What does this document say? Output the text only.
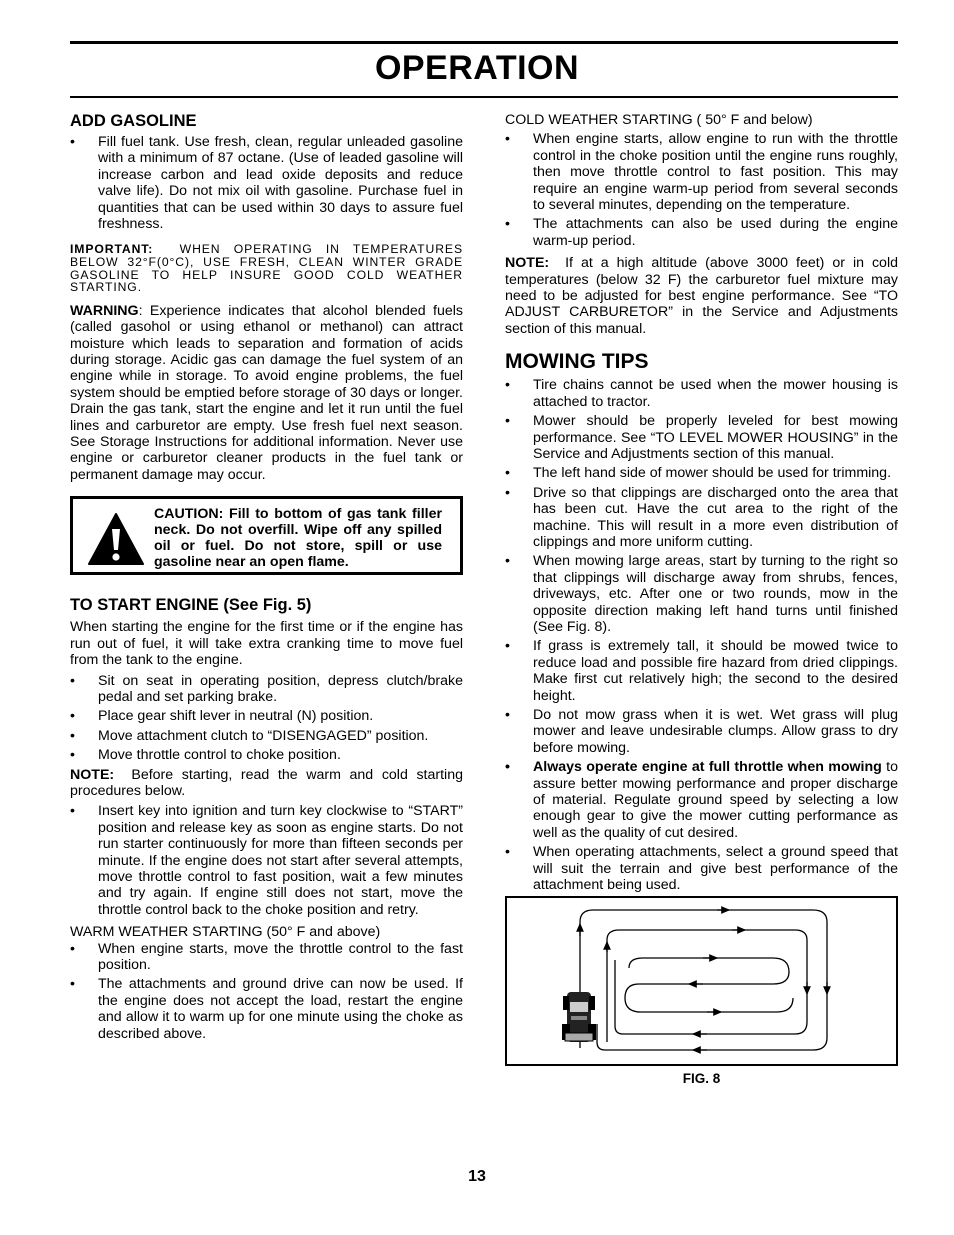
OPERATION
ADD GASOLINE
• Fill fuel tank. Use fresh, clean, regular unleaded gasoline with a minimum of 87 octane. (Use of leaded gasoline will increase carbon and lead oxide deposits and reduce valve life). Do not mix oil with gasoline. Purchase fuel in quantities that can be used within 30 days to assure fuel freshness.

IMPORTANT: WHEN OPERATING IN TEMPERATURES BELOW 32°F(0°C), USE FRESH, CLEAN WINTER GRADE GASOLINE TO HELP INSURE GOOD COLD WEATHER STARTING.

WARNING: Experience indicates that alcohol blended fuels (called gasohol or using ethanol or methanol) can attract moisture which leads to separation and formation of acids during storage. Acidic gas can damage the fuel system of an engine while in storage. To avoid engine problems, the fuel system should be emptied before storage of 30 days or longer. Drain the gas tank, start the engine and let it run until the fuel lines and carburetor are empty. Use fresh fuel next season. See Storage Instructions for additional information. Never use engine or carburetor cleaner products in the fuel tank or permanent damage may occur.

CAUTION: Fill to bottom of gas tank filler neck. Do not overfill. Wipe off any spilled oil or fuel. Do not store, spill or use gasoline near an open flame.
TO START ENGINE (See Fig. 5)

When starting the engine for the first time or if the engine has run out of fuel, it will take extra cranking time to move fuel from the tank to the engine.

• Sit on seat in operating position, depress clutch/brake pedal and set parking brake.
• Place gear shift lever in neutral (N) position.
• Move attachment clutch to “DISENGAGED” position.
• Move throttle control to choke position.

NOTE: Before starting, read the warm and cold starting procedures below.

• Insert key into ignition and turn key clockwise to “START” position and release key as soon as engine starts. Do not run starter continuously for more than fifteen seconds per minute. If the engine does not start after several attempts, move throttle control to fast position, wait a few minutes and try again. If engine still does not start, move the throttle control back to the choke position and retry.

WARM WEATHER STARTING (50° F and above)

• When engine starts, move the throttle control to the fast position.
• The attachments and ground drive can now be used. If the engine does not accept the load, restart the engine and allow it to warm up for one minute using the choke as described above.

COLD WEATHER STARTING ( 50° F and below)

• When engine starts, allow engine to run with the throttle control in the choke position until the engine runs roughly, then move throttle control to fast position. This may require an engine warm-up period from several seconds to several minutes, depending on the temperature.
• The attachments can also be used during the engine warm-up period.

NOTE: If at a high altitude (above 3000 feet) or in cold temperatures (below 32 F) the carburetor fuel mixture may need to be adjusted for best engine performance. See “TO ADJUST CARBURETOR” in the Service and Adjustments section of this manual.

MOWING TIPS
• Tire chains cannot be used when the mower housing is attached to tractor.
• Mower should be properly leveled for best mowing performance. See “TO LEVEL MOWER HOUSING” in the Service and Adjustments section of this manual.
• The left hand side of mower should be used for trimming.
• Drive so that clippings are discharged onto the area that has been cut. Have the cut area to the right of the machine. This will result in a more even distribution of clippings and more uniform cutting.
• When mowing large areas, start by turning to the right so that clippings will discharge away from shrubs, fences, driveways, etc. After one or two rounds, mow in the opposite direction making left hand turns until finished (See Fig. 8).
• If grass is extremely tall, it should be mowed twice to reduce load and possible fire hazard from dried clippings. Make first cut relatively high; the second to the desired height.
• Do not mow grass when it is wet. Wet grass will plug mower and leave undesirable clumps. Allow grass to dry before mowing.
• Always operate engine at full throttle when mowing to assure better mowing performance and proper discharge of material. Regulate ground speed by selecting a low enough gear to give the mower cutting performance as well as the quality of cut desired.
• When operating attachments, select a ground speed that will suit the terrain and give best performance of the attachment being used.

FIG. 8

13
